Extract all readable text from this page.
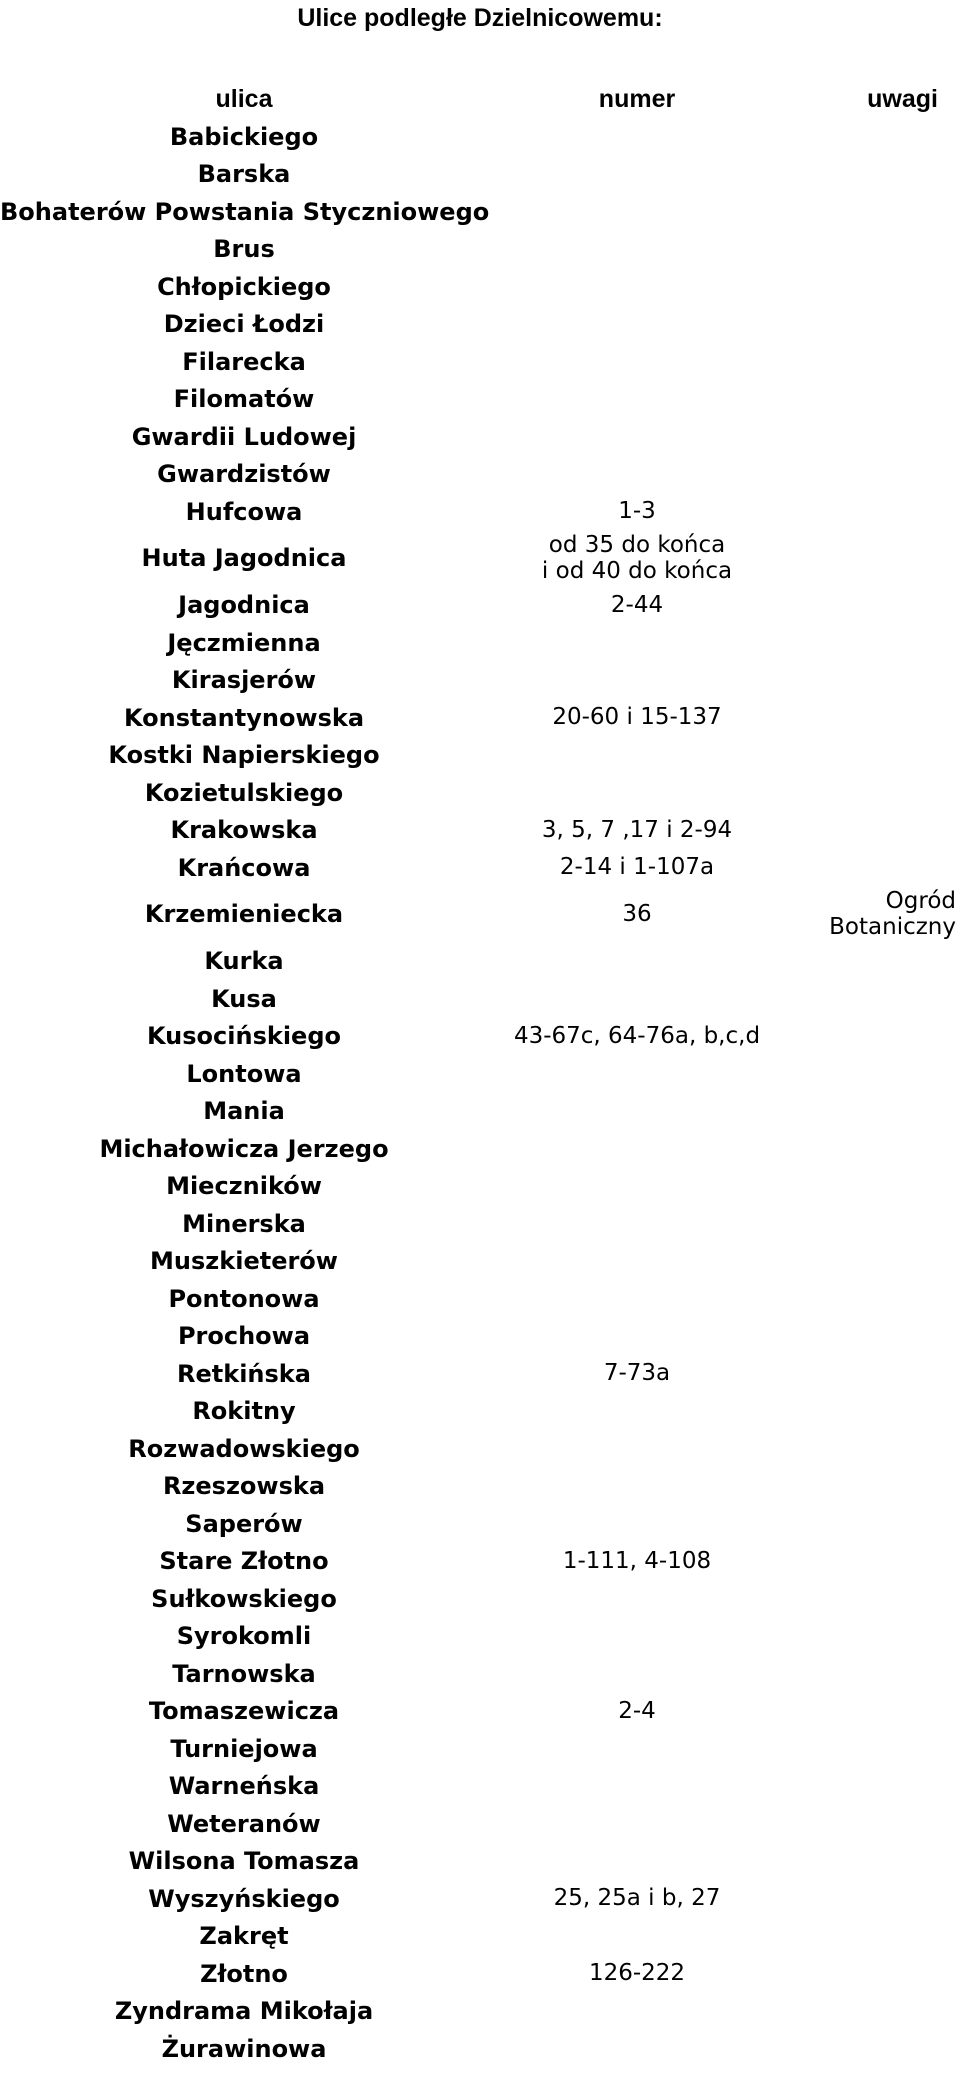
Ulice podległe Dzielnicowemu:
ulica	numer	uwagi
Babickiego		
Barska		
Bohaterów Powstania Styczniowego		
Brus		
Chłopickiego		
Dzieci Łodzi		
Filarecka		
Filomatów		
Gwardii Ludowej		
Gwardzistów		
Hufcowa	1-3	
Huta Jagodnica	od 35 do końca
i od 40 do końca	

Jagodnica	2-44	
Jęczmienna		
Kirasjerów		
Konstantynowska	20-60 i 15-137	
Kostki Napierskiego		
Kozietulskiego		
Krakowska	3, 5, 7 ,17 i 2-94	
Krańcowa	2-14 i 1-107a	
Krzemieniecka	36	Ogród Botaniczny
Kurka		
Kusa		
Kusocińskiego	43-67c, 64-76a, b,c,d	
Lontowa		
Mania		
Michałowicza Jerzego		
Mieczników		
Minerska		
Muszkieterów		
Pontonowa		
Prochowa		
Retkińska	7-73a	
Rokitny		
Rozwadowskiego		
Rzeszowska		
Saperów		
Stare Złotno	1-111, 4-108	
Sułkowskiego		
Syrokomli		
Tarnowska		
Tomaszewicza	2-4	
Turniejowa		
Warneńska		
Weteranów		
Wilsona Tomasza		
Wyszyńskiego	25, 25a i b, 27	
Zakręt		
Złotno	126-222	
Zyndrama Mikołaja		
Żurawinowa		
